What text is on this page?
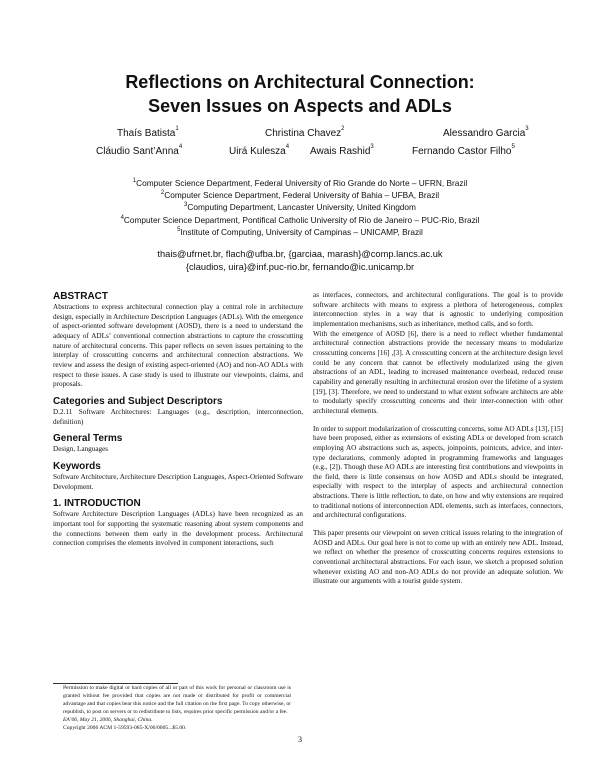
Reflections on Architectural Connection:
Seven Issues on Aspects and ADLs
Thaís Batista$^1$	Christina Chavez$^2$	Alessandro Garcia$^3$
Cláudio Sant’Anna$^4$	Uirá Kulesza$^4$ Awais Rashid$^3$	Fernando Castor Filho$^5$
$^1$Computer Science Department, Federal University of Rio Grande do Norte – UFRN, Brazil
$^2$Computer Science Department, Federal University of Bahia – UFBA, Brazil
$^3$Computing Department, Lancaster University, United Kingdom
$^4$Computer Science Department, Pontifical Catholic University of Rio de Janeiro – PUC-Rio, Brazil
$^5$Institute of Computing, University of Campinas – UNICAMP, Brazil
thais@ufrnet.br, flach@ufba.br, {garciaa, marash}@comp.lancs.ac.uk
{claudios, uira}@inf.puc-rio.br, fernando@ic.unicamp.br
ABSTRACT

Abstractions to express architectural connection play a central role in architecture design, especially in Architecture Description Languages (ADLs). With the emergence of aspect-oriented software development (AOSD), there is a need to understand the adequacy of ADLs’ conventional connection abstractions to capture the crosscutting nature of architectural concerns. This paper reflects on seven issues pertaining to the interplay of crosscutting concerns and architectural connection abstractions. We review and assess the design of existing aspect-oriented (AO) and non-AO ADLs with respect to these issues. A case study is used to illustrate our viewpoints, claims, and proposals.

Categories and Subject Descriptors

D.2.11 Software Architectures: Languages (e.g., description, interconnection, definition)

General Terms

Design, Languages

Keywords

Software Architecture, Architecture Description Languages, Aspect-Oriented Software Development.

1. INTRODUCTION

Software Architecture Description Languages (ADLs) have been recognized as an important tool for supporting the systematic reasoning about system components and the connections between them early in the development process. Architectural connection comprises the elements involved in component interactions, such

Permission to make digital or hard copies of all or part of this work for personal or classroom use is granted without fee provided that copies are not made or distributed for profit or commercial advantage and that copies bear this notice and the full citation on the first page. To copy otherwise, or republish, to post on servers or to redistribute to lists, requires prior specific permission and/or a fee.
EA’06, May 21, 2006, Shanghai, China.
Copyright 2006 ACM 1-59593-085-X/06/0005...$5.00.

as interfaces, connectors, and architectural configurations. The goal is to provide software architects with means to express a plethora of heterogeneous, complex interconnection styles in a way that is agnostic to underlying composition implementation mechanisms, such as inheritance, method calls, and so forth.

With the emergence of AOSD [6], there is a need to reflect whether fundamental architectural connection abstractions provide the necessary means to modularize crosscutting concerns [16] ,[3]. A crosscutting concern at the architecture design level could be any concern that cannot be effectively modularized using the given abstractions of an ADL, leading to increased maintenance overhead, reduced reuse capability and generally resulting in architectural erosion over the lifetime of a system [19], [3]. Therefore, we need to understand to what extent software architects are able to modularly specify crosscutting concerns and their inter-connection with other architectural elements.

In order to support modularization of crosscutting concerns, some AO ADLs [13], [15] have been proposed, either as extensions of existing ADLs or developed from scratch employing AO abstractions such as, aspects, joinpoints, pointcuts, advice, and inter-type declarations, commonly adopted in programming frameworks and languages (e.g., [2]). Though these AO ADLs are interesting first contributions and viewpoints in the field, there is little consensus on how AOSD and ADLs should be integrated, especially with respect to the interplay of aspects and architectural connection abstractions. There is little reflection, to date, on how and why extensions are required to traditional notions of interconnection ADL elements, such as interfaces, connectors, and architectural configurations.

This paper presents our viewpoint on seven critical issues relating to the integration of AOSD and ADLs. Our goal here is not to come up with an entirely new ADL. Instead, we reflect on whether the presence of crosscutting concerns requires extensions to conventional architectural abstractions. For each issue, we sketch a proposed solution whenever existing AO and non-AO ADLs do not provide an adequate solution. We illustrate our arguments with a tourist guide system.

3
